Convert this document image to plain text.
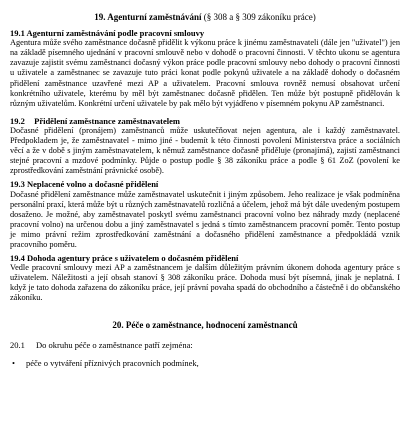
19. Agenturní zaměstnávání (§ 308 a § 309 zákoníku práce)

19.1 Agenturní zaměstnávání podle pracovní smlouvy

Agentura může svého zaměstnance dočasně přidělit k výkonu práce k jinému zaměstnavateli (dále jen "uživatel") jen na základě písemného ujednání v pracovní smlouvě nebo v dohodě o pracovní činnosti. V těchto ukonu se agentura zavazuje zajistit svému zaměstnanci dočasný výkon práce podle pracovní smlouvy nebo dohody o pracovní činnosti u uživatele a zaměstnanec se zavazuje tuto práci konat podle pokynů uživatele a na základě dohody o dočasném přidělení zaměstnance uzavřené mezi AP a uživatelem. Pracovní smlouva rovněž nemusí obsahovat určení konkrétního uživatele, kterému by měl být zaměstnanec dočasně přidělen. Ten může být postupně přidělován k různým uživatelům. Konkrétní určení uživatele by pak mělo být vyjádřeno v písemném pokynu AP zaměstnanci.

19.2 Přidělení zaměstnance zaměstnavatelem

Dočasné přidělení (pronájem) zaměstnanců může uskutečňovat nejen agentura, ale i každý zaměstnavatel. Předpokladem je, že zaměstnavatel - mimo jiné - budemít k této činnosti povolení Ministerstva práce a sociálních věcí a že v době s jiným zaměstnavatelem, k němuž zaměstnance dočasně přiděluje (pronajímá), zajistí zaměstnanci stejné pracovní a mzdové podmínky. Půjde o postup podle § 38 zákoníku práce a podle § 61 ZoZ (povolení ke zprostředkování zaměstnání právnické osobě).

19.3 Neplacené volno a dočasné přidělení

Dočasné přidělení zaměstnance může zaměstnavatel uskutečnit i jiným způsobem. Jeho realizace je však podmíněna personální praxí, která může být u různých zaměstnavatelů rozličná a účelem, jehož má být dále uvedeným postupem dosaženo. Je možné, aby zaměstnavatel poskytl svému zaměstnanci pracovní volno bez náhrady mzdy (neplacené pracovní volno) na určenou dobu a jiný zaměstnavatel s jedná s tímto zaměstnancem pracovní poměr. Tento postup je mimo právní režim zprostředkování zaměstnání a dočasného přidělení zaměstnance a předpokládá vznik pracovního poměru.

19.4 Dohoda agentury práce s uživatelem o dočasném přidělení

Vedle pracovní smlouvy mezi AP a zaměstnancem je dalším důležitým právním úkonem dohoda agentury práce s uživatelem. Náležitosti a její obsah stanoví § 308 zákoníku práce. Dohoda musí být písemná, jinak je neplatná. I když je tato dohoda zařazena do zákoníku práce, její právní povaha spadá do obchodního a částečně i do občanského zákoníku.

20. Péče o zaměstnance, hodnocení zaměstnanců
20.1 Do okruhu péče o zaměstnance patří zejména:
•	péče o vytváření příznivých pracovních podmínek,
